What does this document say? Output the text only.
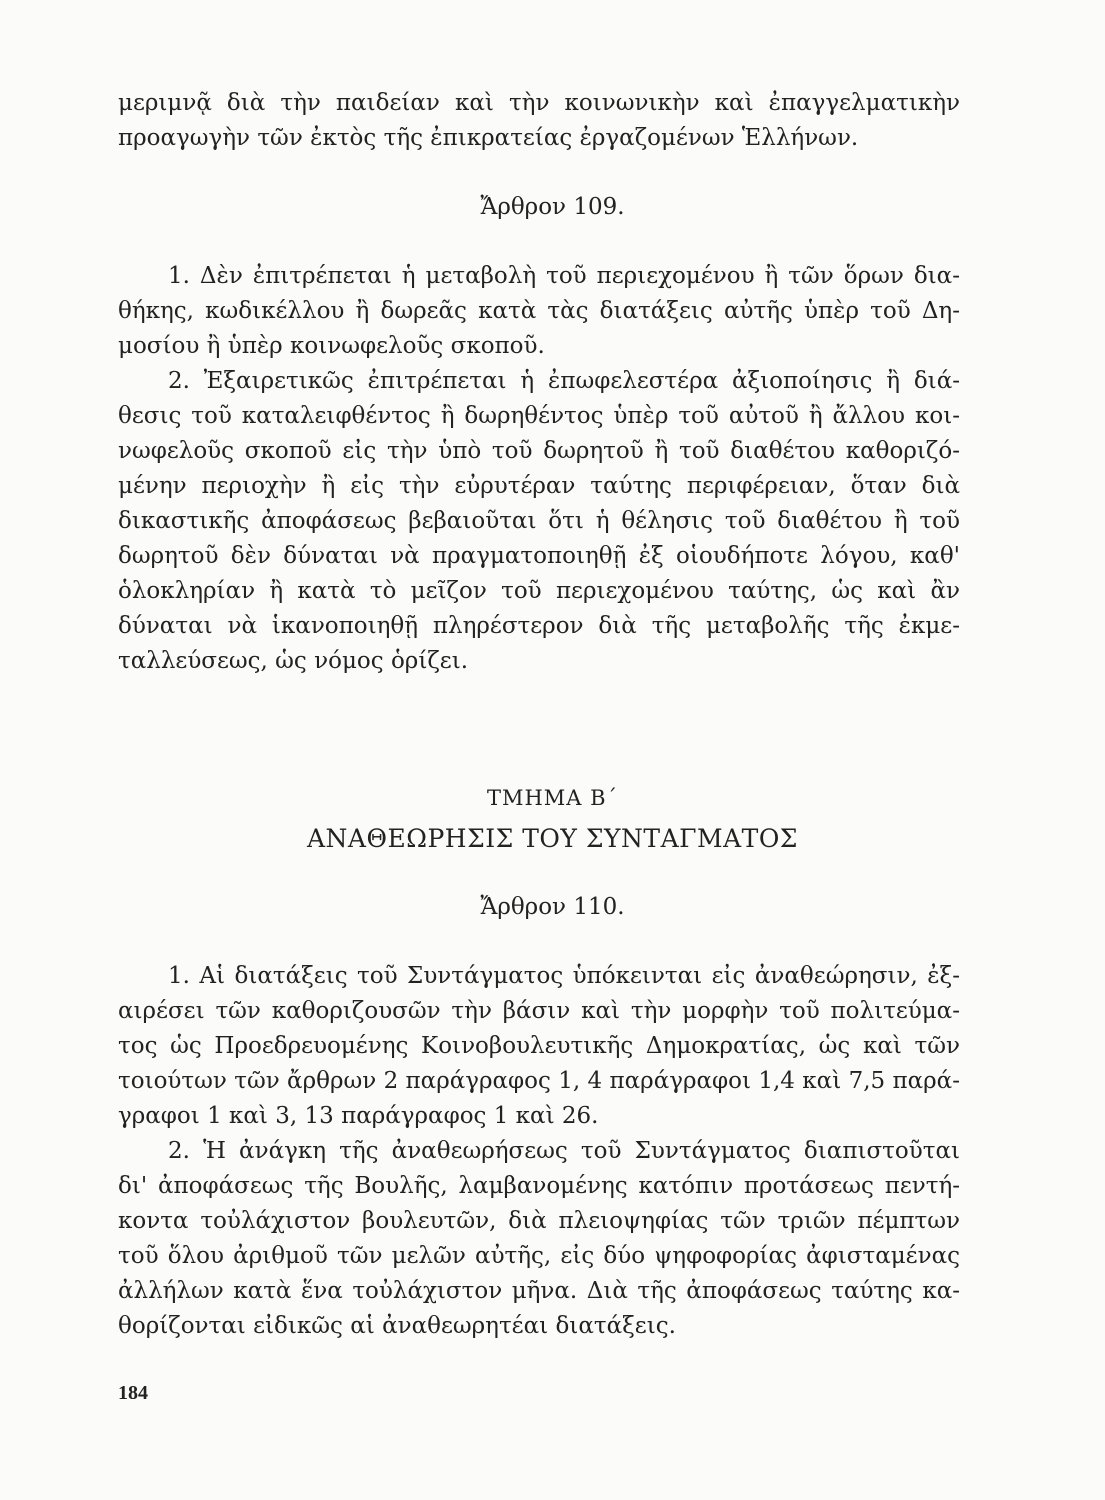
μεριμνᾷ διὰ τὴν παιδείαν καὶ τὴν κοινωνικὴν καὶ ἐπαγγελματικὴν

προαγωγὴν τῶν ἐκτὸς τῆς ἐπικρατείας ἐργαζομένων Ἑλλήνων.

Ἄρθρον 109.

1. Δὲν ἐπιτρέπεται ἡ μεταβολὴ τοῦ περιεχομένου ἢ τῶν ὅρων δια-

θήκης, κωδικέλλου ἢ δωρεᾶς κατὰ τὰς διατάξεις αὐτῆς ὑπὲρ τοῦ Δη-

μοσίου ἢ ὑπὲρ κοινωφελοῦς σκοποῦ.

2. Ἐξαιρετικῶς ἐπιτρέπεται ἡ ἐπωφελεστέρα ἀξιοποίησις ἢ διά-

θεσις τοῦ καταλειφθέντος ἢ δωρηθέντος ὑπὲρ τοῦ αὐτοῦ ἢ ἄλλου κοι-

νωφελοῦς σκοποῦ εἰς τὴν ὑπὸ τοῦ δωρητοῦ ἢ τοῦ διαθέτου καθοριζό-

μένην περιοχὴν ἢ εἰς τὴν εὐρυτέραν ταύτης περιφέρειαν, ὅταν διὰ

δικαστικῆς ἀποφάσεως βεβαιοῦται ὅτι ἡ θέλησις τοῦ διαθέτου ἢ τοῦ

δωρητοῦ δὲν δύναται νὰ πραγματοποιηθῇ ἐξ οἱουδήποτε λόγου, καθ'

ὁλοκληρίαν ἢ κατὰ τὸ μεῖζον τοῦ περιεχομένου ταύτης, ὡς καὶ ἂν

δύναται νὰ ἱκανοποιηθῇ πληρέστερον διὰ τῆς μεταβολῆς τῆς ἐκμε-

ταλλεύσεως, ὡς νόμος ὁρίζει.

ΤΜΗΜΑ Β΄

ΑΝΑΘΕΩΡΗΣΙΣ ΤΟΥ ΣΥΝΤΑΓΜΑΤΟΣ

Ἄρθρον 110.

1. Αἱ διατάξεις τοῦ Συντάγματος ὑπόκεινται εἰς ἀναθεώρησιν, ἐξ-

αιρέσει τῶν καθοριζουσῶν τὴν βάσιν καὶ τὴν μορφὴν τοῦ πολιτεύμα-

τος ὡς Προεδρευομένης Κοινοβουλευτικῆς Δημοκρατίας, ὡς καὶ τῶν

τοιούτων τῶν ἄρθρων 2 παράγραφος 1, 4 παράγραφοι 1,4 καὶ 7,5 παρά-

γραφοι 1 καὶ 3, 13 παράγραφος 1 καὶ 26.

2. Ἡ ἀνάγκη τῆς ἀναθεωρήσεως τοῦ Συντάγματος διαπιστοῦται

δι' ἀποφάσεως τῆς Βουλῆς, λαμβανομένης κατόπιν προτάσεως πεντή-

κοντα τοὐλάχιστον βουλευτῶν, διὰ πλειοψηφίας τῶν τριῶν πέμπτων

τοῦ ὅλου ἀριθμοῦ τῶν μελῶν αὐτῆς, εἰς δύο ψηφοφορίας ἀφισταμένας

ἀλλήλων κατὰ ἕνα τοὐλάχιστον μῆνα. Διὰ τῆς ἀποφάσεως ταύτης κα-

θορίζονται εἰδικῶς αἱ ἀναθεωρητέαι διατάξεις.

184
